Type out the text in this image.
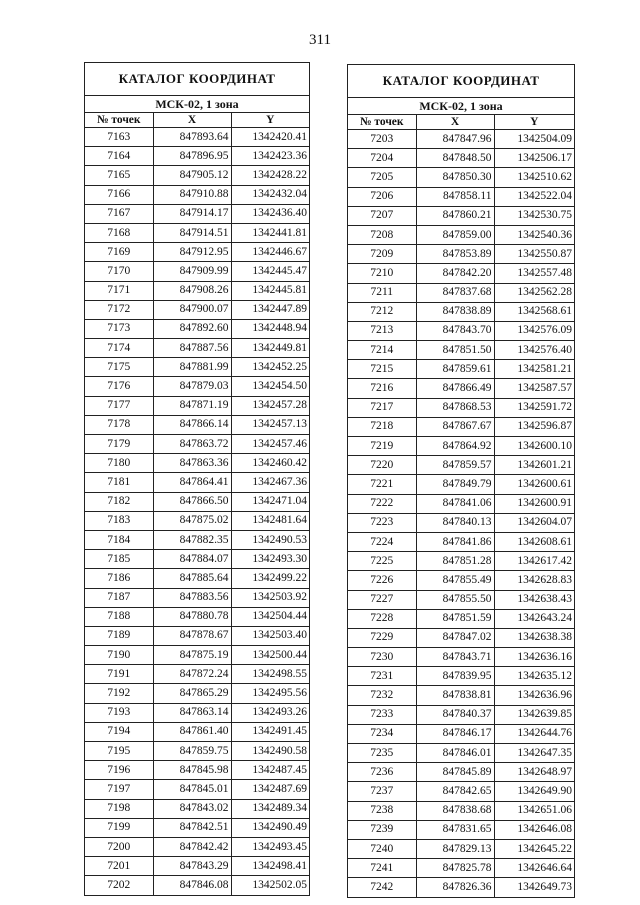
311
КАТАЛОГ КООРДИНАТ
МСК-02, 1 зона
№ точек	X	Y
7163	847893.64	1342420.41
7164	847896.95	1342423.36
7165	847905.12	1342428.22
7166	847910.88	1342432.04
7167	847914.17	1342436.40
7168	847914.51	1342441.81
7169	847912.95	1342446.67
7170	847909.99	1342445.47
7171	847908.26	1342445.81
7172	847900.07	1342447.89
7173	847892.60	1342448.94
7174	847887.56	1342449.81
7175	847881.99	1342452.25
7176	847879.03	1342454.50
7177	847871.19	1342457.28
7178	847866.14	1342457.13
7179	847863.72	1342457.46
7180	847863.36	1342460.42
7181	847864.41	1342467.36
7182	847866.50	1342471.04
7183	847875.02	1342481.64
7184	847882.35	1342490.53
7185	847884.07	1342493.30
7186	847885.64	1342499.22
7187	847883.56	1342503.92
7188	847880.78	1342504.44
7189	847878.67	1342503.40
7190	847875.19	1342500.44
7191	847872.24	1342498.55
7192	847865.29	1342495.56
7193	847863.14	1342493.26
7194	847861.40	1342491.45
7195	847859.75	1342490.58
7196	847845.98	1342487.45
7197	847845.01	1342487.69
7198	847843.02	1342489.34
7199	847842.51	1342490.49
7200	847842.42	1342493.45
7201	847843.29	1342498.41
7202	847846.08	1342502.05
КАТАЛОГ КООРДИНАТ
МСК-02, 1 зона
№ точек	X	Y
7203	847847.96	1342504.09
7204	847848.50	1342506.17
7205	847850.30	1342510.62
7206	847858.11	1342522.04
7207	847860.21	1342530.75
7208	847859.00	1342540.36
7209	847853.89	1342550.87
7210	847842.20	1342557.48
7211	847837.68	1342562.28
7212	847838.89	1342568.61
7213	847843.70	1342576.09
7214	847851.50	1342576.40
7215	847859.61	1342581.21
7216	847866.49	1342587.57
7217	847868.53	1342591.72
7218	847867.67	1342596.87
7219	847864.92	1342600.10
7220	847859.57	1342601.21
7221	847849.79	1342600.61
7222	847841.06	1342600.91
7223	847840.13	1342604.07
7224	847841.86	1342608.61
7225	847851.28	1342617.42
7226	847855.49	1342628.83
7227	847855.50	1342638.43
7228	847851.59	1342643.24
7229	847847.02	1342638.38
7230	847843.71	1342636.16
7231	847839.95	1342635.12
7232	847838.81	1342636.96
7233	847840.37	1342639.85
7234	847846.17	1342644.76
7235	847846.01	1342647.35
7236	847845.89	1342648.97
7237	847842.65	1342649.90
7238	847838.68	1342651.06
7239	847831.65	1342646.08
7240	847829.13	1342645.22
7241	847825.78	1342646.64
7242	847826.36	1342649.73
